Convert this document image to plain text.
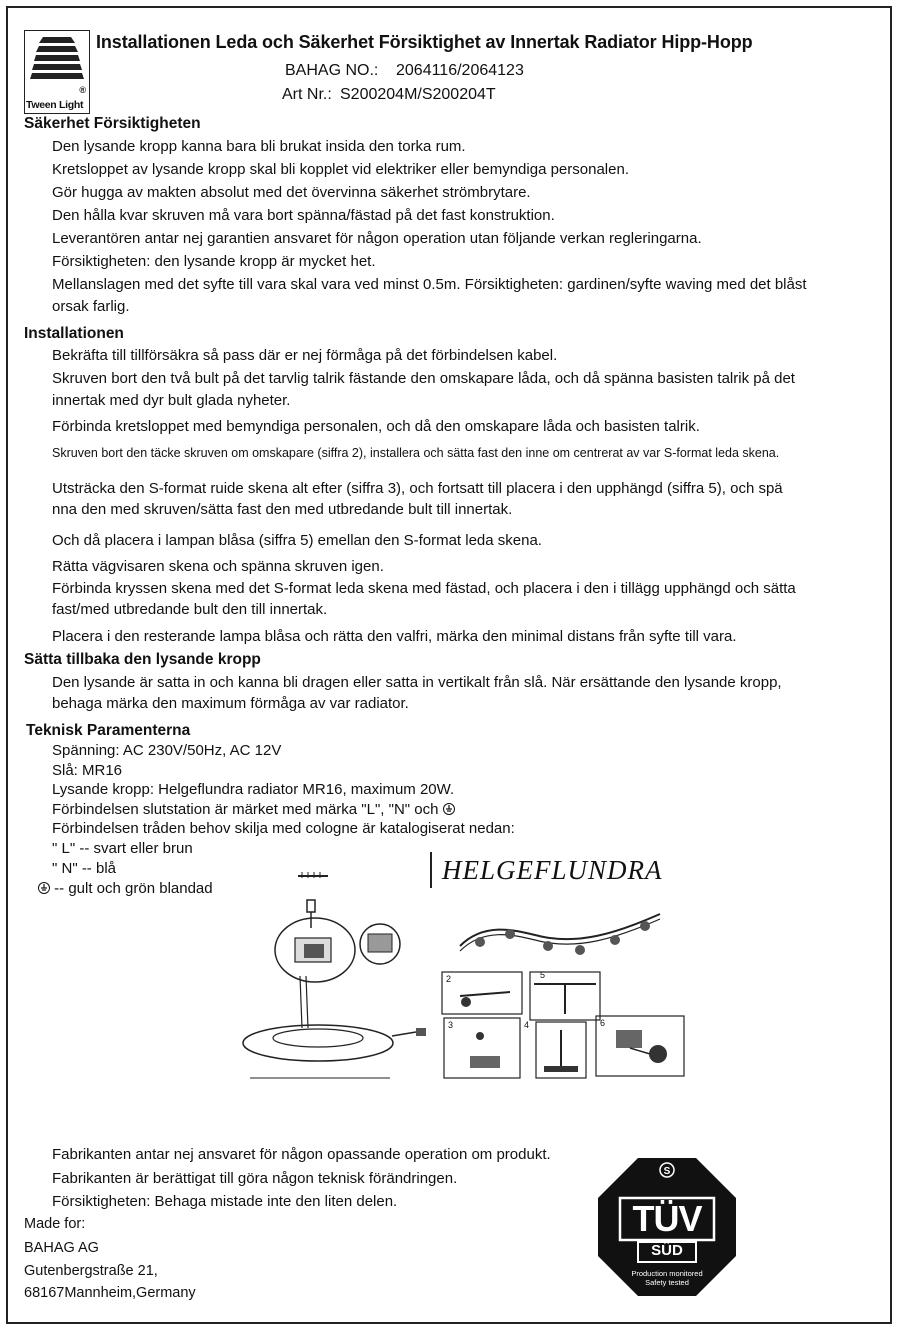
®
Tween Light
Installationen Leda och Säkerhet Försiktighet av Innertak Radiator Hipp-Hopp
BAHAG NO.: 2064116/2064123
Art Nr.: S200204M/S200204T
Säkerhet Försiktigheten
Den lysande kropp kanna bara bli brukat insida den torka rum.
Kretsloppet av lysande kropp skal bli kopplet vid elektriker eller bemyndiga personalen.
Gör hugga av makten absolut med det övervinna säkerhet strömbrytare.
Den hålla kvar skruven må vara bort spänna/fästad på det fast konstruktion.
Leverantören antar nej garantien ansvaret för någon operation utan följande verkan regleringarna.
Försiktigheten: den lysande kropp är mycket het.
Mellanslagen med det syfte till vara skal vara ved minst 0.5m. Försiktigheten: gardinen/syfte waving med det blåst
orsak farlig.
Installationen
Bekräfta till tillförsäkra så pass där er nej förmåga på det förbindelsen kabel.
Skruven bort den två bult på det tarvlig talrik fästande den omskapare låda, och då spänna basisten talrik på det
innertak med dyr bult glada nyheter.
Förbinda kretsloppet med bemyndiga personalen, och då den omskapare låda och basisten talrik.
Skruven bort den täcke skruven om omskapare (siffra 2), installera och sätta fast den inne om centrerat av var S-format leda skena.
Utsträcka den S-format ruide skena alt efter (siffra 3), och fortsatt till placera i den upphängd (siffra 5), och spä
nna den med skruven/sätta fast den med utbredande bult till innertak.
Och då placera i lampan blåsa (siffra 5) emellan den S-format leda skena.
Rätta vägvisaren skena och spänna skruven igen.
Förbinda kryssen skena med det S-format leda skena med fästad, och placera i den i tillägg upphängd och sätta
fast/med utbredande bult den till innertak.
Placera i den resterande lampa blåsa och rätta den valfri, märka den minimal distans från syfte till vara.
Sätta tillbaka den lysande kropp
Den lysande är satta in och kanna bli dragen eller satta in vertikalt från slå. När ersättande den lysande kropp,
behaga märka den maximum förmåga av var radiator.
Teknisk Paramenterna
Spänning: AC 230V/50Hz, AC 12V
Slå: MR16
Lysande kropp: Helgeflundra radiator MR16, maximum 20W.
Förbindelsen slutstation är märket med märka "L", "N" och
Förbindelsen tråden behov skilja med cologne är katalogiserat nedan:
" L" -- svart eller brun
" N" -- blå
-- gult och grön blandad
HELGEFLUNDRA
2
3	4
5
6
Fabrikanten antar nej ansvaret för någon opassande operation om produkt.
Fabrikanten är berättigat till göra någon teknisk förändringen.
Försiktigheten: Behaga mistade inte den liten delen.
Made for:
BAHAG AG
Gutenbergstraße 21,
68167Mannheim,Germany
S
TÜV
SÜD
Production monitored
Safety tested
